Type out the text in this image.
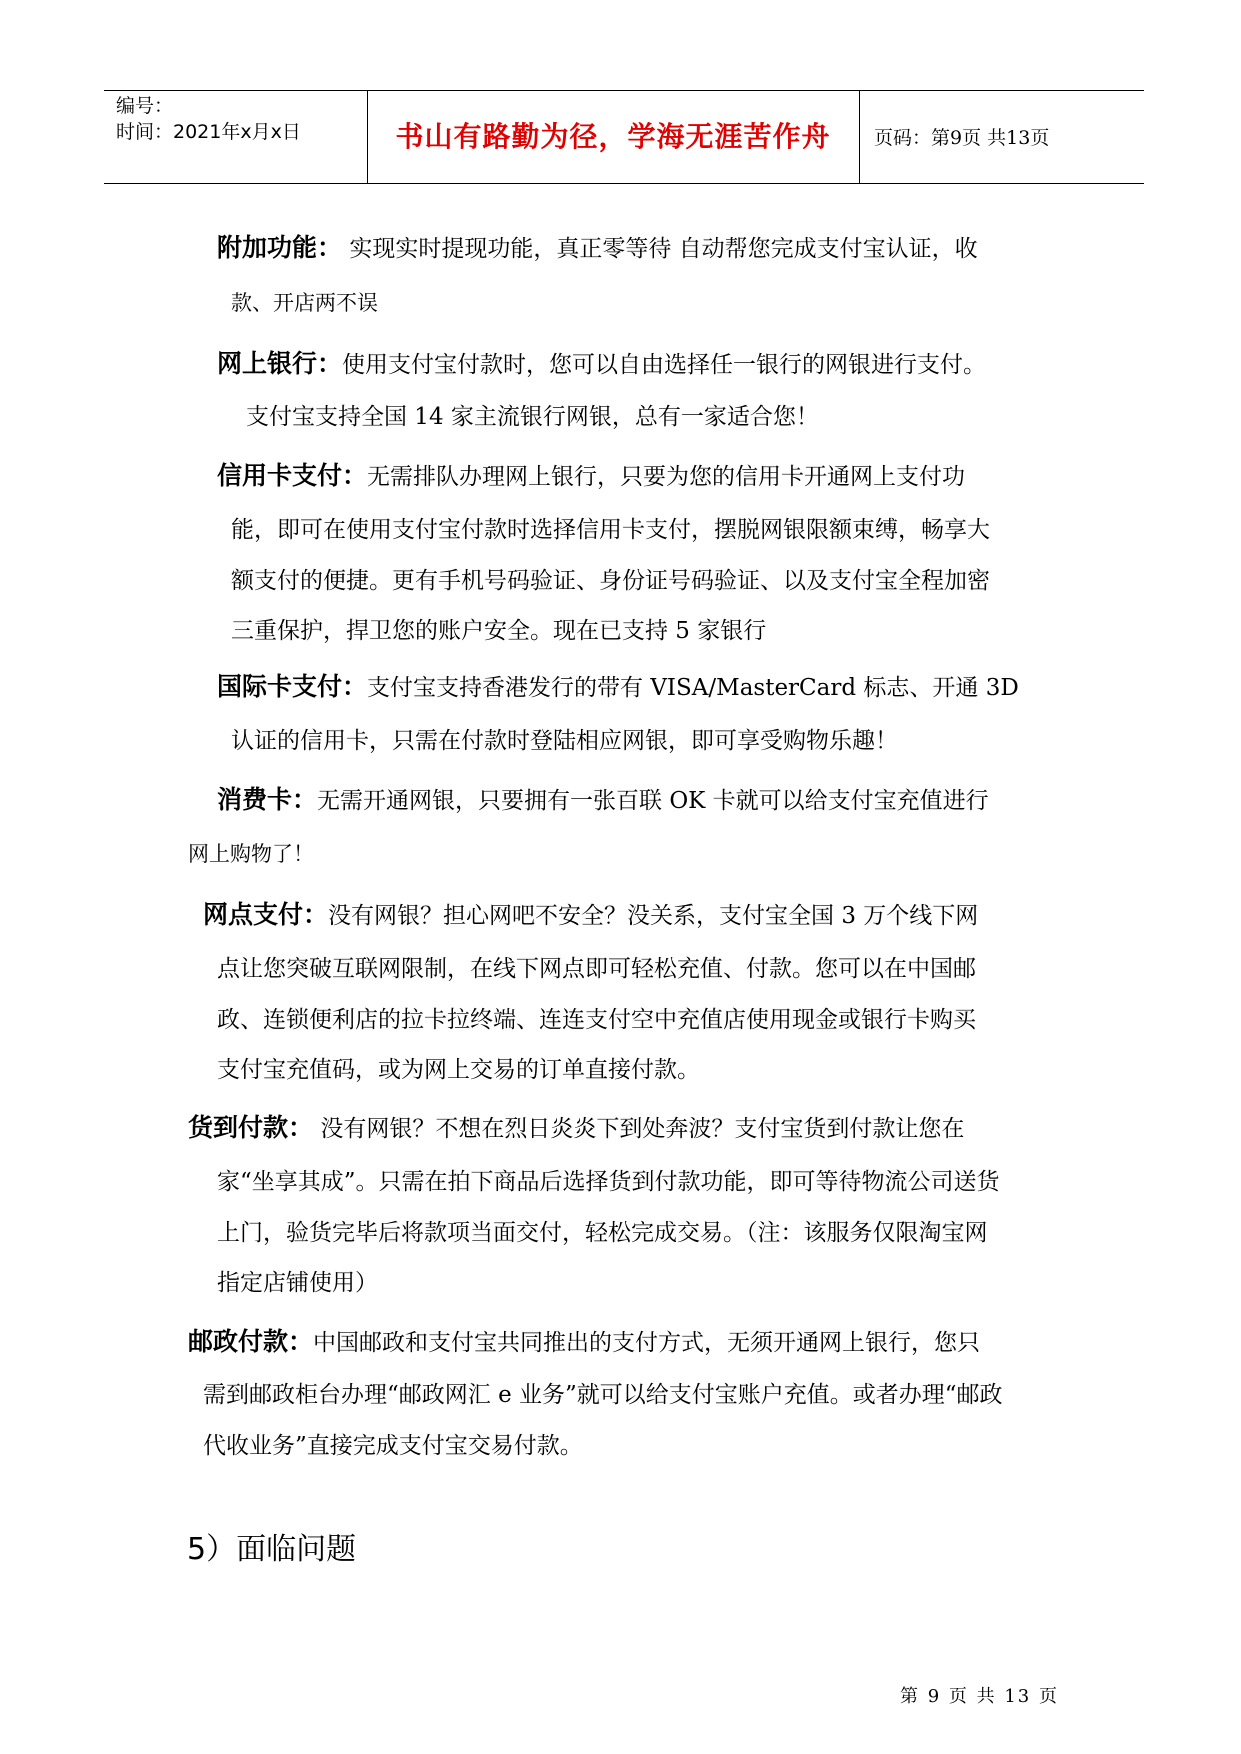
编号：
时间：2021年x月x日	书山有路勤为径，学海无涯苦作舟	页码：第9页 共13页
附加功能： 实现实时提现功能，真正零等待 自动帮您完成支付宝认证，收
款、开店两不误
网上银行：使用支付宝付款时，您可以自由选择任一银行的网银进行支付。
支付宝支持全国 14 家主流银行网银，总有一家适合您！
信用卡支付：无需排队办理网上银行，只要为您的信用卡开通网上支付功
能，即可在使用支付宝付款时选择信用卡支付，摆脱网银限额束缚，畅享大
额支付的便捷。更有手机号码验证、身份证号码验证、以及支付宝全程加密
三重保护，捍卫您的账户安全。现在已支持 5 家银行
国际卡支付：支付宝支持香港发行的带有 VISA/MasterCard 标志、开通 3D
认证的信用卡，只需在付款时登陆相应网银，即可享受购物乐趣！
消费卡：无需开通网银，只要拥有一张百联 OK 卡就可以给支付宝充值进行
网上购物了！
网点支付：没有网银？担心网吧不安全？没关系，支付宝全国 3 万个线下网
点让您突破互联网限制，在线下网点即可轻松充值、付款。您可以在中国邮
政、连锁便利店的拉卡拉终端、连连支付空中充值店使用现金或银行卡购买
支付宝充值码，或为网上交易的订单直接付款。
货到付款： 没有网银？不想在烈日炎炎下到处奔波？支付宝货到付款让您在
家“坐享其成”。只需在拍下商品后选择货到付款功能，即可等待物流公司送货
上门，验货完毕后将款项当面交付，轻松完成交易。（注：该服务仅限淘宝网
指定店铺使用）
邮政付款：中国邮政和支付宝共同推出的支付方式，无须开通网上银行，您只
需到邮政柜台办理“邮政网汇 e 业务”就可以给支付宝账户充值。或者办理“邮政
代收业务”直接完成支付宝交易付款。
5）面临问题
第 9 页 共 13 页
